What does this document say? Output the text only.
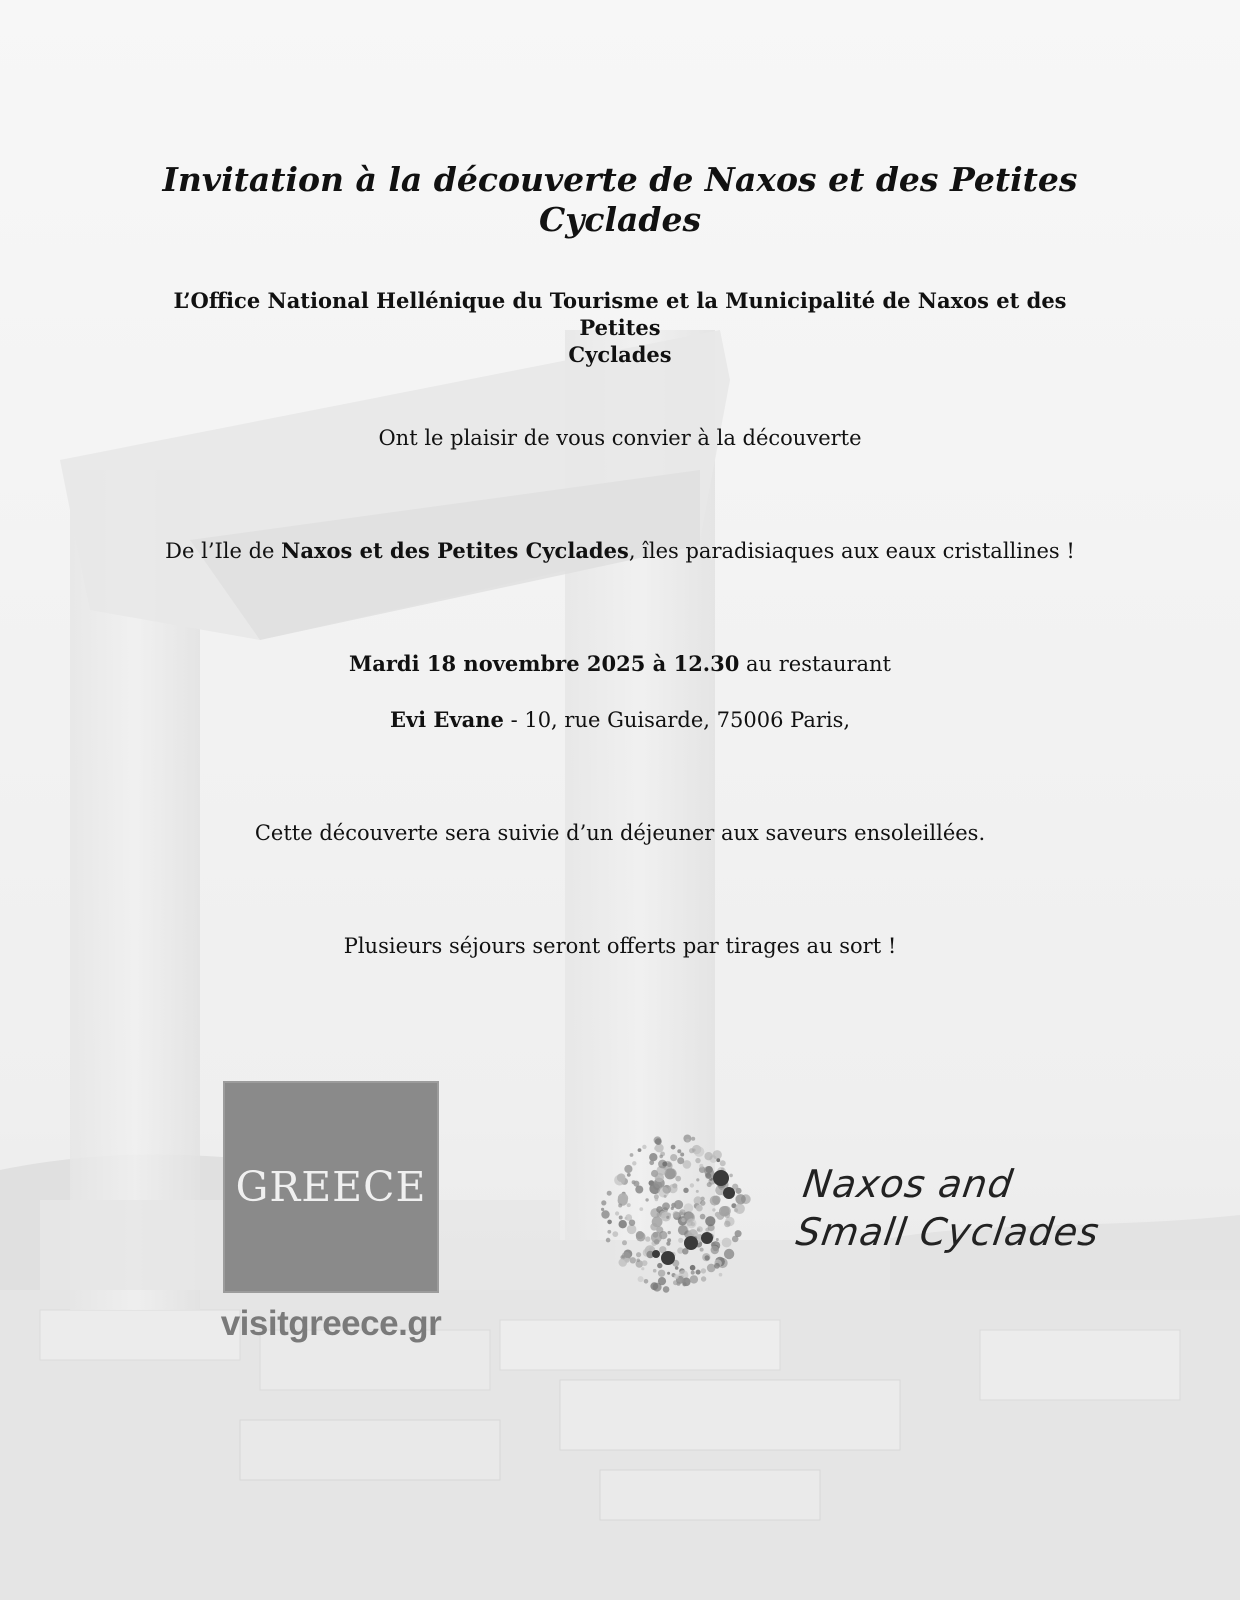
Invitation à la découverte de Naxos et des Petites Cyclades
L’Office National Hellénique du Tourisme et la Municipalité de Naxos et des Petites
Cyclades
Ont le plaisir de vous convier à la découverte
De l’Ile de Naxos et des Petites Cyclades, îles paradisiaques aux eaux cristallines !
Mardi 18 novembre 2025 à 12.30 au restaurant
Evi Evane - 10, rue Guisarde, 75006 Paris,
Cette découverte sera suivie d’un déjeuner aux saveurs ensoleillées.
Plusieurs séjours seront offerts par tirages au sort !
GREECE
visitgreece.gr
Naxos and
Small Cyclades
